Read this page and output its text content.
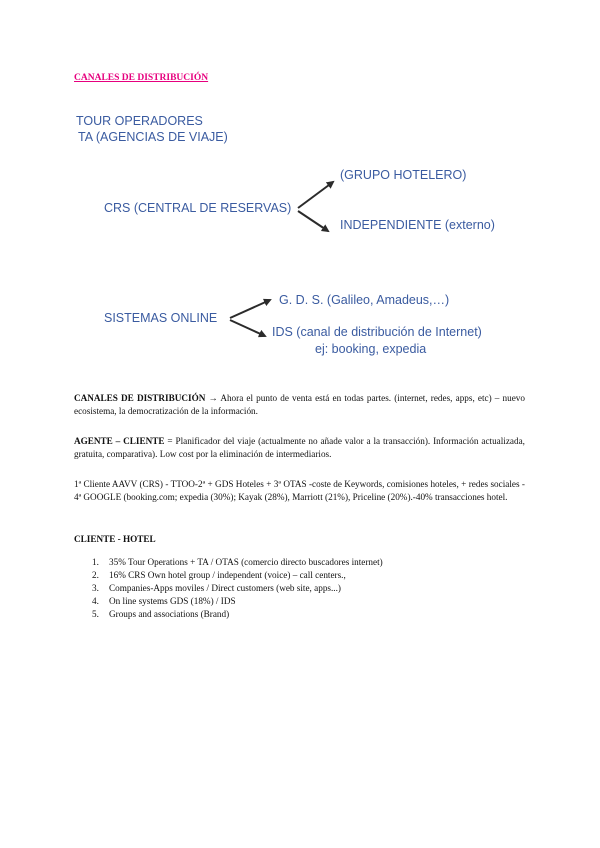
CANALES DE DISTRIBUCIÓN
TOUR OPERADORES
TA (AGENCIAS DE VIAJE)
CRS (CENTRAL DE RESERVAS)
(GRUPO HOTELERO)
INDEPENDIENTE (externo)
SISTEMAS ONLINE
G. D. S. (Galileo, Amadeus,…)
IDS (canal de distribución de Internet)
ej: booking, expedia
CANALES DE DISTRIBUCIÓN → Ahora el punto de venta está en todas partes. (internet, redes, apps, etc) – nuevo ecosistema, la democratización de la información.
AGENTE – CLIENTE = Planificador del viaje (actualmente no añade valor a la transacción). Información actualizada, gratuita, comparativa). Low cost por la eliminación de intermediarios.
1ª Cliente AAVV (CRS) - TTOO-2ª + GDS Hoteles + 3ª OTAS -coste de Keywords, comisiones hoteles, + redes sociales - 4ª GOOGLE (booking.com; expedia (30%); Kayak (28%), Marriott (21%), Priceline (20%).-40% transacciones hotel.
CLIENTE - HOTEL
1. 35% Tour Operations + TA / OTAS (comercio directo buscadores internet)
2. 16% CRS Own hotel group / independent (voice) – call centers.,
3. Companies-Apps moviles / Direct customers (web site, apps...)
4. On line systems GDS (18%) / IDS
5. Groups and associations (Brand)
